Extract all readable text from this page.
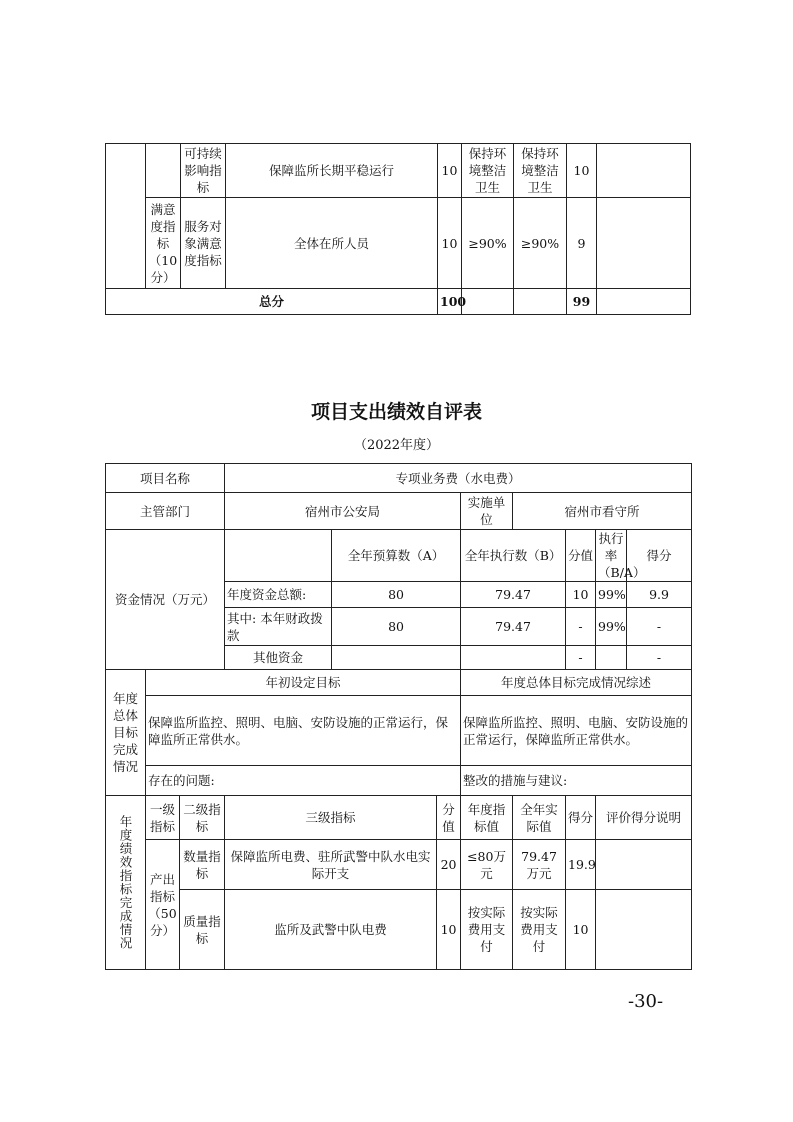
		可持续影响指标	保障监所长期平稳运行	10	保持环境整洁卫生	保持环境整洁卫生	10	
	满意度指标（10分）	服务对象满意度指标	全体在所人员	10	≥90%	≥90%	9	
总分				100			99	
项目支出绩效自评表
（2022年度）
项目名称			专项业务费（水电费）							
主管部门			宿州市公安局			实施单位	宿州市看守所			
资金情况（万元）				全年预算数（A）		全年执行数（B）		分值	执行率（B/A）	得分
			年度资金总额:	80		79.47		10	99%	9.9
			其中: 本年财政拨款	80		79.47		-	99%	-
			其他资金					-		-
年度总体目标完成情况	年初设定目标					年度总体目标完成情况综述				
	保障监所监控、照明、电脑、安防设施的正常运行，保障监所正常供水。					保障监所监控、照明、电脑、安防设施的正常运行，保障监所正常供水。				
	存在的问题:					整改的措施与建议:				
年度绩效指标完成情况	一级指标	二级指标	三级指标		分值	年度指标值	全年实际值	得分	评价得分说明	
	产出指标（50分）	数量指标	保障监所电费、驻所武警中队水电实际开支		20	≤80万元	79.47万元	19.9		
		质量指标	监所及武警中队电费		10	按实际费用支付	按实际费用支付	10		
-30-
